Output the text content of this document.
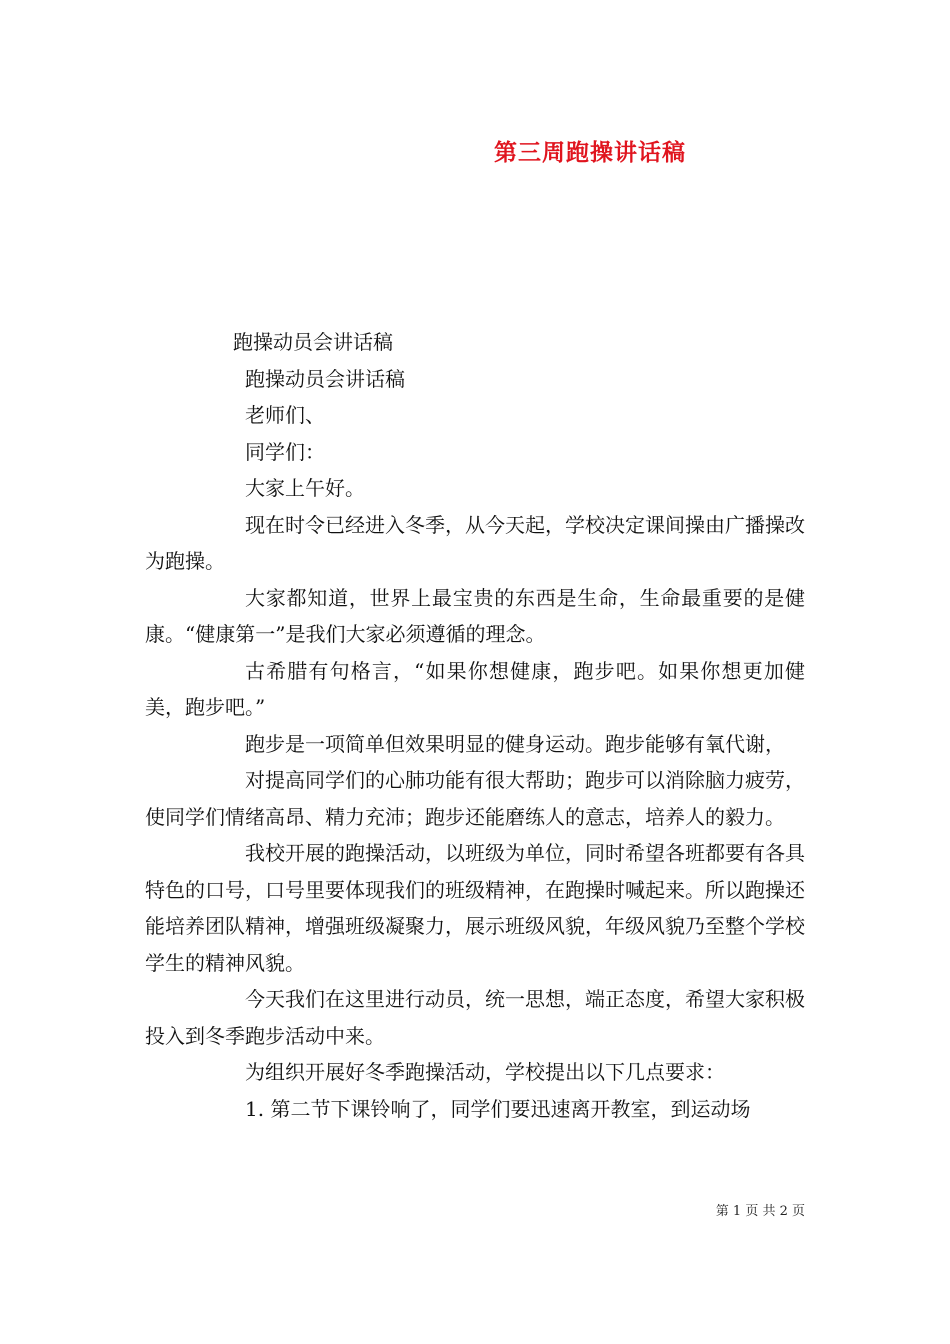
第三周跑操讲话稿

跑操动员会讲话稿

跑操动员会讲话稿

老师们、

同学们：

大家上午好。

现在时令已经进入冬季，从今天起，学校决定课间操由广播操改为跑操。

大家都知道，世界上最宝贵的东西是生命，生命最重要的是健康。“健康第一”是我们大家必须遵循的理念。

古希腊有句格言，“如果你想健康，跑步吧。如果你想更加健美，跑步吧。”

跑步是一项简单但效果明显的健身运动。跑步能够有氧代谢，

对提高同学们的心肺功能有很大帮助；跑步可以消除脑力疲劳，使同学们情绪高昂、精力充沛；跑步还能磨练人的意志，培养人的毅力。

我校开展的跑操活动，以班级为单位，同时希望各班都要有各具特色的口号，口号里要体现我们的班级精神，在跑操时喊起来。所以跑操还能培养团队精神，增强班级凝聚力，展示班级风貌，年级风貌乃至整个学校学生的精神风貌。

今天我们在这里进行动员，统一思想，端正态度，希望大家积极投入到冬季跑步活动中来。

为组织开展好冬季跑操活动，学校提出以下几点要求：

1. 第二节下课铃响了，同学们要迅速离开教室，到运动场

第 1 页 共 2 页
